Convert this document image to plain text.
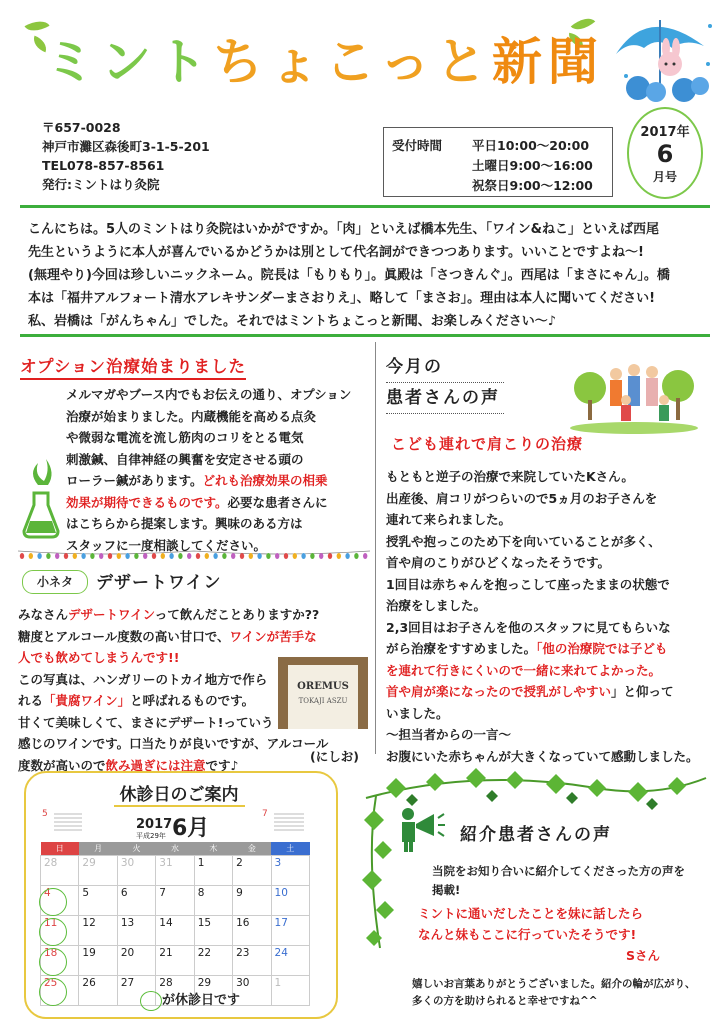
ミントちょこっと新聞
〒657-0028
神戸市灘区森後町3-1-5-201
TEL078-857-8561
発行:ミントはり灸院
受付時間 平日10:00～20:00
土曜日9:00～16:00
祝祭日9:00～12:00
2017年
6
月号
こんにちは。5人のミントはり灸院はいかがですか。「肉」といえば橋本先生、「ワイン&ねこ」といえば西尾
先生というように本人が喜んでいるかどうかは別として代名詞ができつつあります。いいことですよね～!
(無理やり)今回は珍しいニックネーム。院長は「もりもり」。眞殿は「さつきんぐ」。西尾は「まさにゃん」。橋
本は「福井アルフォート清水アレキサンダーまさおりえ」、略して「まさお」。理由は本人に聞いてください!
私、岩橋は「がんちゃん」でした。それではミントちょこっと新聞、お楽しみください～♪
オプション治療始まりました
メルマガやブース内でもお伝えの通り、オプション
治療が始まりました。内蔵機能を高める点灸
や微弱な電流を流し筋肉のコリをとる電気
刺激鍼、自律神経の興奮を安定させる頭の
ローラー鍼があります。どれも治療効果の相乗
効果が期待できるものです。必要な患者さんに
はこちらから提案します。興味のある方は
スタッフに一度相談してください。
小ネタ	デザートワイン
みなさんデザートワインって飲んだことありますか??
糖度とアルコール度数の高い甘口で、ワインが苦手な
人でも飲めてしまうんです!!
この写真は、ハンガリーのトカイ地方で作ら
れる「貴腐ワイン」と呼ばれるものです。
甘くて美味しくて、まさにデザート!っていう
感じのワインです。口当たりが良いですが、アルコール
度数が高いので飲み過ぎには注意です♪
OREMUS
TOKAJI ASZU
(にしお)
休診日のご案内
5
2017
平成29年 6月
7
日	月	火	水	木	金	土
28	29	30	31	1	2	3
4	5	6	7	8	9	10
11	12	13	14	15	16	17
18	19	20	21	22	23	24
25	26	27	28	29	30	1
が休診日です
今月の
患者さんの声
こども連れで肩こりの治療
もともと逆子の治療で来院していたKさん。
出産後、肩コリがつらいので5ヵ月のお子さんを
連れて来られました。
授乳や抱っこのため下を向いていることが多く、
首や肩のこりがひどくなったそうです。
1回目は赤ちゃんを抱っこして座ったままの状態で
治療をしました。
2,3回目はお子さんを他のスタッフに見てもらいな
がら治療をすすめました。「他の治療院では子ども
を連れて行きにくいので一緒に来れてよかった。
首や肩が楽になったので授乳がしやすい」と仰って
いました。
～担当者からの一言～
お腹にいた赤ちゃんが大きくなっていて感動しました。
紹介患者さんの声
当院をお知り合いに紹介してくださった方の声を
掲載!
ミントに通いだしたことを妹に話したら
なんと妹もここに行っていたそうです!
Sさん
嬉しいお言葉ありがとうございました。紹介の輪が広がり、
多くの方を助けられると幸せですね^^
